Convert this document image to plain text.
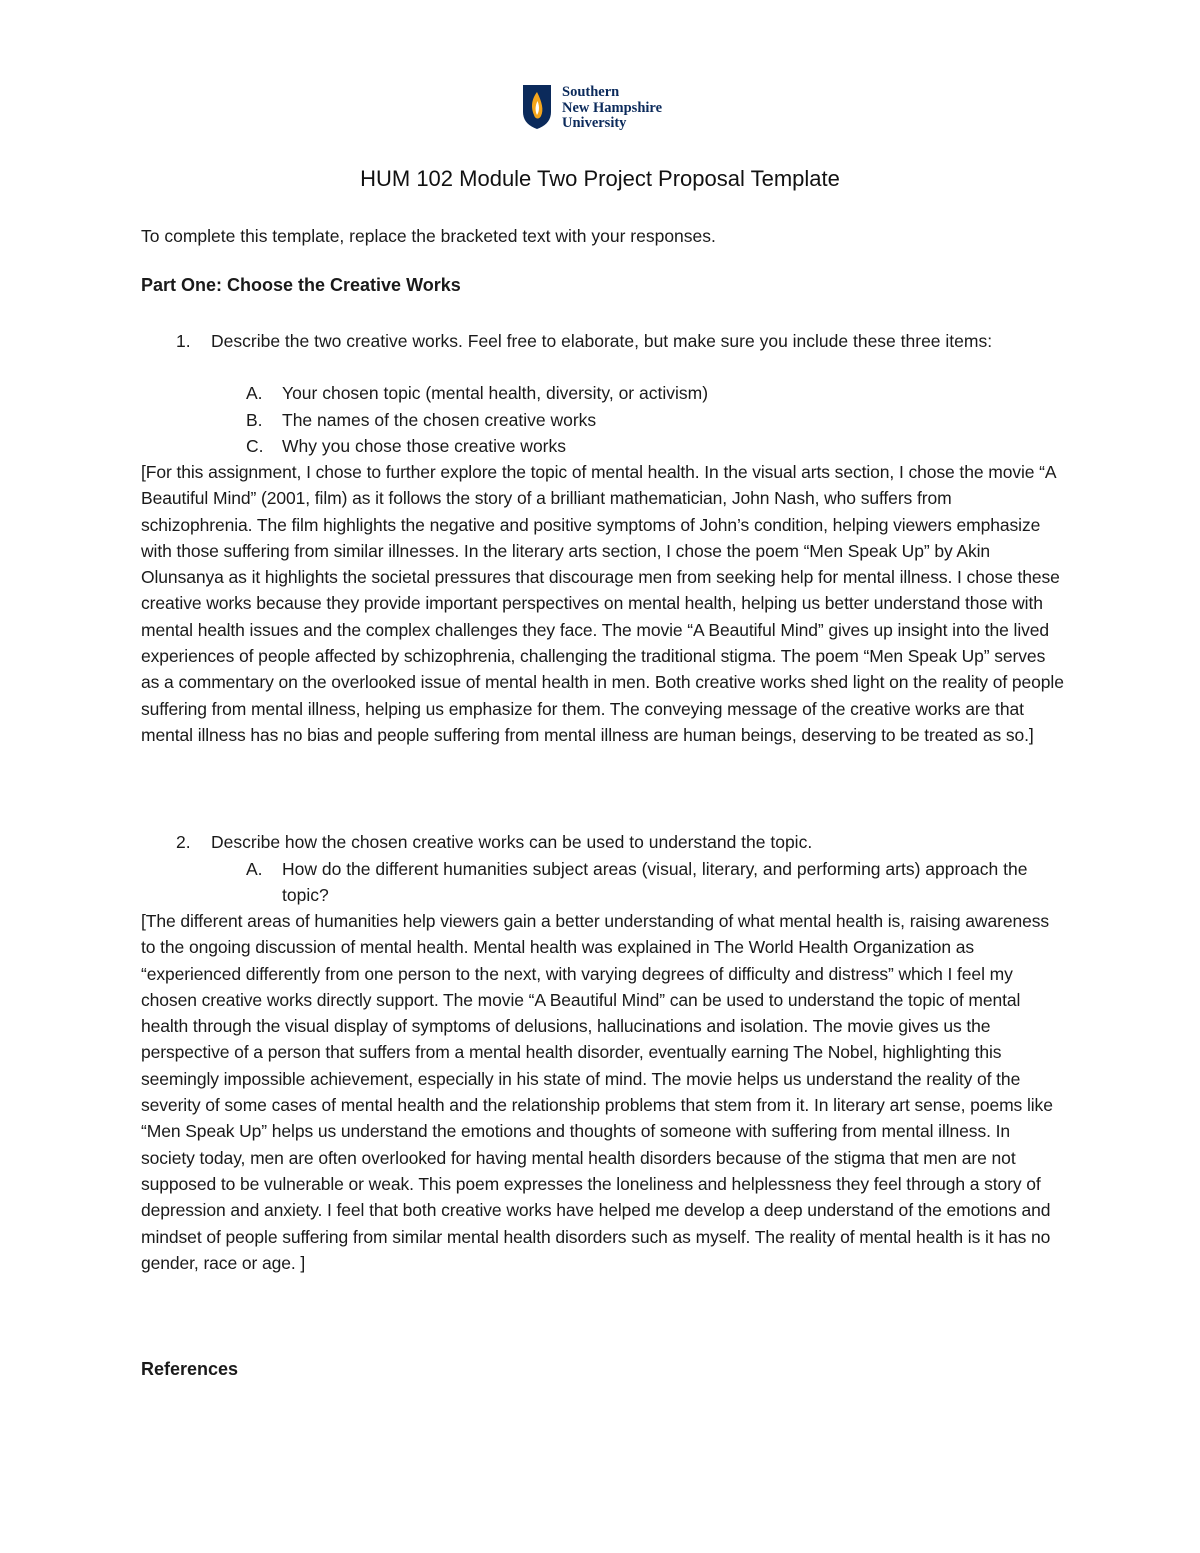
Southern
New Hampshire
University
HUM 102 Module Two Project Proposal Template
To complete this template, replace the bracketed text with your responses.
Part One: Choose the Creative Works
1. Describe the two creative works. Feel free to elaborate, but make sure you include these three items:
A. Your chosen topic (mental health, diversity, or activism)
B. The names of the chosen creative works
C. Why you chose those creative works
[For this assignment, I chose to further explore the topic of mental health. In the visual arts section, I chose the movie “A Beautiful Mind” (2001, film) as it follows the story of a brilliant mathematician, John Nash, who suffers from schizophrenia. The film highlights the negative and positive symptoms of John’s condition, helping viewers emphasize with those suffering from similar illnesses. In the literary arts section, I chose the poem “Men Speak Up” by Akin Olunsanya as it highlights the societal pressures that discourage men from seeking help for mental illness. I chose these creative works because they provide important perspectives on mental health, helping us better understand those with mental health issues and the complex challenges they face. The movie “A Beautiful Mind” gives up insight into the lived experiences of people affected by schizophrenia, challenging the traditional stigma. The poem “Men Speak Up” serves as a commentary on the overlooked issue of mental health in men. Both creative works shed light on the reality of people suffering from mental illness, helping us emphasize for them. The conveying message of the creative works are that mental illness has no bias and people suffering from mental illness are human beings, deserving to be treated as so.]
2. Describe how the chosen creative works can be used to understand the topic.
A. How do the different humanities subject areas (visual, literary, and performing arts) approach the topic?
[The different areas of humanities help viewers gain a better understanding of what mental health is, raising awareness to the ongoing discussion of mental health. Mental health was explained in The World Health Organization as “experienced differently from one person to the next, with varying degrees of difficulty and distress” which I feel my chosen creative works directly support. The movie “A Beautiful Mind” can be used to understand the topic of mental health through the visual display of symptoms of delusions, hallucinations and isolation. The movie gives us the perspective of a person that suffers from a mental health disorder, eventually earning The Nobel, highlighting this seemingly impossible achievement, especially in his state of mind. The movie helps us understand the reality of the severity of some cases of mental health and the relationship problems that stem from it. In literary art sense, poems like “Men Speak Up” helps us understand the emotions and thoughts of someone with suffering from mental illness. In society today, men are often overlooked for having mental health disorders because of the stigma that men are not supposed to be vulnerable or weak. This poem expresses the loneliness and helplessness they feel through a story of depression and anxiety. I feel that both creative works have helped me develop a deep understand of the emotions and mindset of people suffering from similar mental health disorders such as myself. The reality of mental health is it has no gender, race or age. ]
References
